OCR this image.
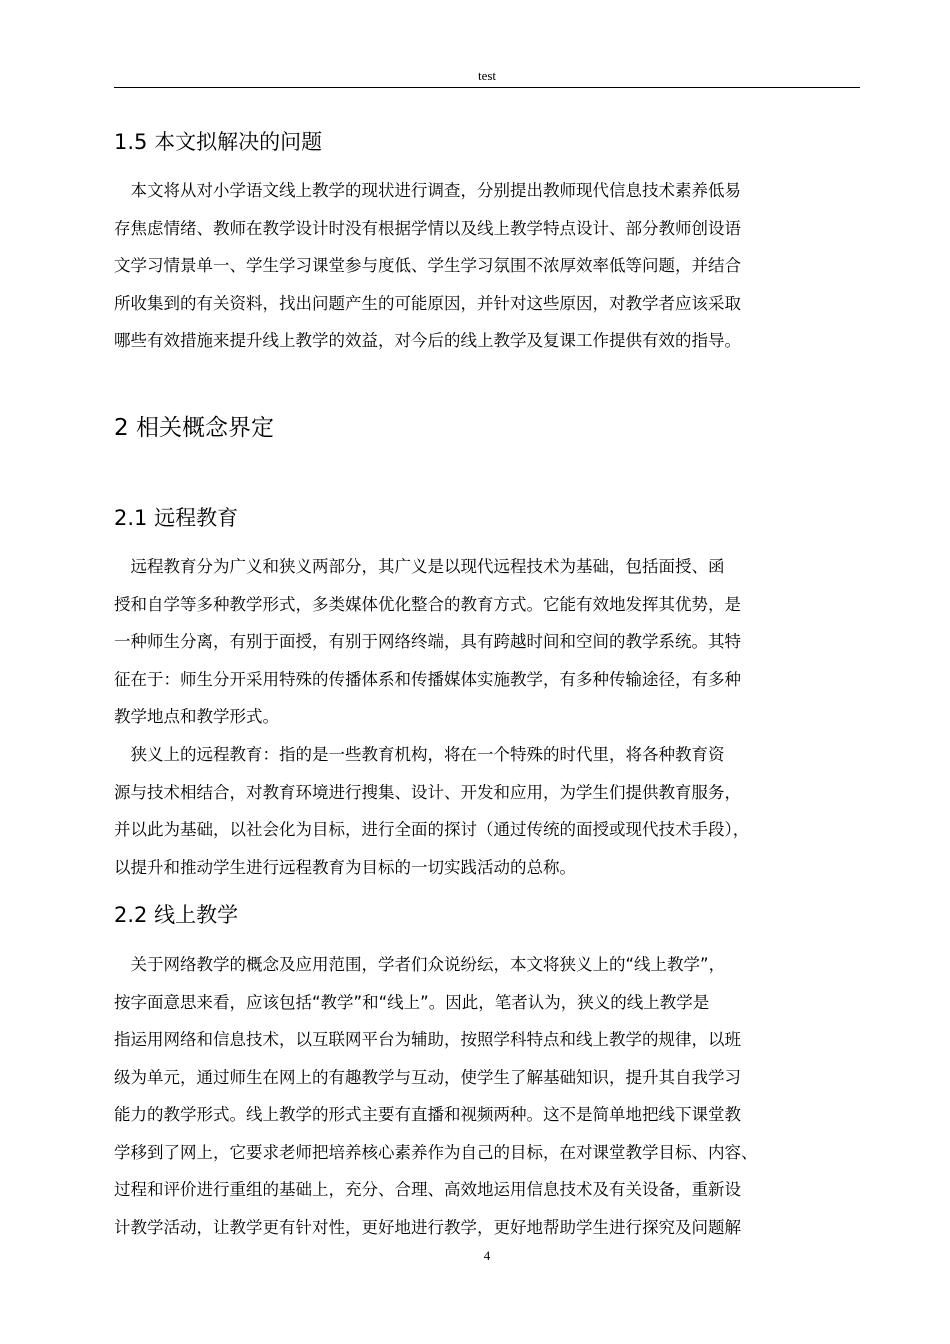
test
1.5 本文拟解决的问题
　本文将从对小学语文线上教学的现状进行调查，分别提出教师现代信息技术素养低易
存焦虑情绪、教师在教学设计时没有根据学情以及线上教学特点设计、部分教师创设语
文学习情景单一、学生学习课堂参与度低、学生学习氛围不浓厚效率低等问题，并结合
所收集到的有关资料，找出问题产生的可能原因，并针对这些原因，对教学者应该采取
哪些有效措施来提升线上教学的效益，对今后的线上教学及复课工作提供有效的指导。
2 相关概念界定
2.1 远程教育
　远程教育分为广义和狭义两部分，其广义是以现代远程技术为基础，包括面授、函
授和自学等多种教学形式，多类媒体优化整合的教育方式。它能有效地发挥其优势，是
一种师生分离，有别于面授，有别于网络终端，具有跨越时间和空间的教学系统。其特
征在于：师生分开采用特殊的传播体系和传播媒体实施教学，有多种传输途径，有多种
教学地点和教学形式。
　狭义上的远程教育：指的是一些教育机构，将在一个特殊的时代里，将各种教育资
源与技术相结合，对教育环境进行搜集、设计、开发和应用，为学生们提供教育服务，
并以此为基础，以社会化为目标，进行全面的探讨（通过传统的面授或现代技术手段），
以提升和推动学生进行远程教育为目标的一切实践活动的总称。
2.2 线上教学
　关于网络教学的概念及应用范围，学者们众说纷纭，本文将狭义上的“线上教学”，
按字面意思来看，应该包括“教学”和“线上”。因此，笔者认为，狭义的线上教学是
指运用网络和信息技术，以互联网平台为辅助，按照学科特点和线上教学的规律，以班
级为单元，通过师生在网上的有趣教学与互动，使学生了解基础知识，提升其自我学习
能力的教学形式。线上教学的形式主要有直播和视频两种。这不是简单地把线下课堂教
学移到了网上，它要求老师把培养核心素养作为自己的目标，在对课堂教学目标、内容、
过程和评价进行重组的基础上，充分、合理、高效地运用信息技术及有关设备，重新设
计教学活动，让教学更有针对性，更好地进行教学，更好地帮助学生进行探究及问题解
4
